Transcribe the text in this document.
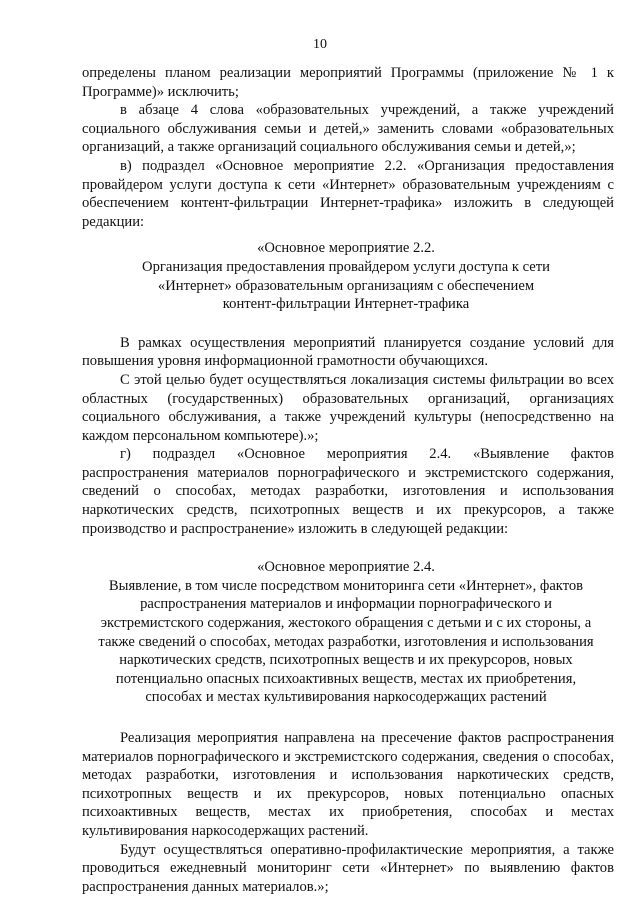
10

определены планом реализации мероприятий Программы (приложение № 1 к Программе)» исключить;

в абзаце 4 слова «образовательных учреждений, а также учреждений социального обслуживания семьи и детей,» заменить словами «образовательных организаций, а также организаций социального обслуживания семьи и детей,»;

в) подраздел «Основное мероприятие 2.2. «Организация предоставления провайдером услуги доступа к сети «Интернет» образовательным учреждениям с обеспечением контент-фильтрации Интернет-трафика» изложить в следующей редакции:

«Основное мероприятие 2.2.

Организация предоставления провайдером услуги доступа к сети

«Интернет» образовательным организациям с обеспечением

контент-фильтрации Интернет-трафика

В рамках осуществления мероприятий планируется создание условий для повышения уровня информационной грамотности обучающихся.

С этой целью будет осуществляться локализация системы фильтрации во всех областных (государственных) образовательных организаций, организациях социального обслуживания, а также учреждений культуры (непосредственно на каждом персональном компьютере).»;

г) подраздел «Основное мероприятия 2.4. «Выявление фактов распространения материалов порнографического и экстремистского содержания, сведений о способах, методах разработки, изготовления и использования наркотических средств, психотропных веществ и их прекурсоров, а также производство и распространение» изложить в следующей редакции:

«Основное мероприятие 2.4.

Выявление, в том числе посредством мониторинга сети «Интернет», фактов

распространения материалов и информации порнографического и

экстремистского содержания, жестокого обращения с детьми и с их стороны, а

также сведений о способах, методах разработки, изготовления и использования

наркотических средств, психотропных веществ и их прекурсоров, новых

потенциально опасных психоактивных веществ, местах их приобретения,

способах и местах культивирования наркосодержащих растений

Реализация мероприятия направлена на пресечение фактов распространения материалов порнографического и экстремистского содержания, сведения о способах, методах разработки, изготовления и использования наркотических средств, психотропных веществ и их прекурсоров, новых потенциально опасных психоактивных веществ, местах их приобретения, способах и местах культивирования наркосодержащих растений.

Будут осуществляться оперативно-профилактические мероприятия, а также проводиться ежедневный мониторинг сети «Интернет» по выявлению фактов распространения данных материалов.»;
